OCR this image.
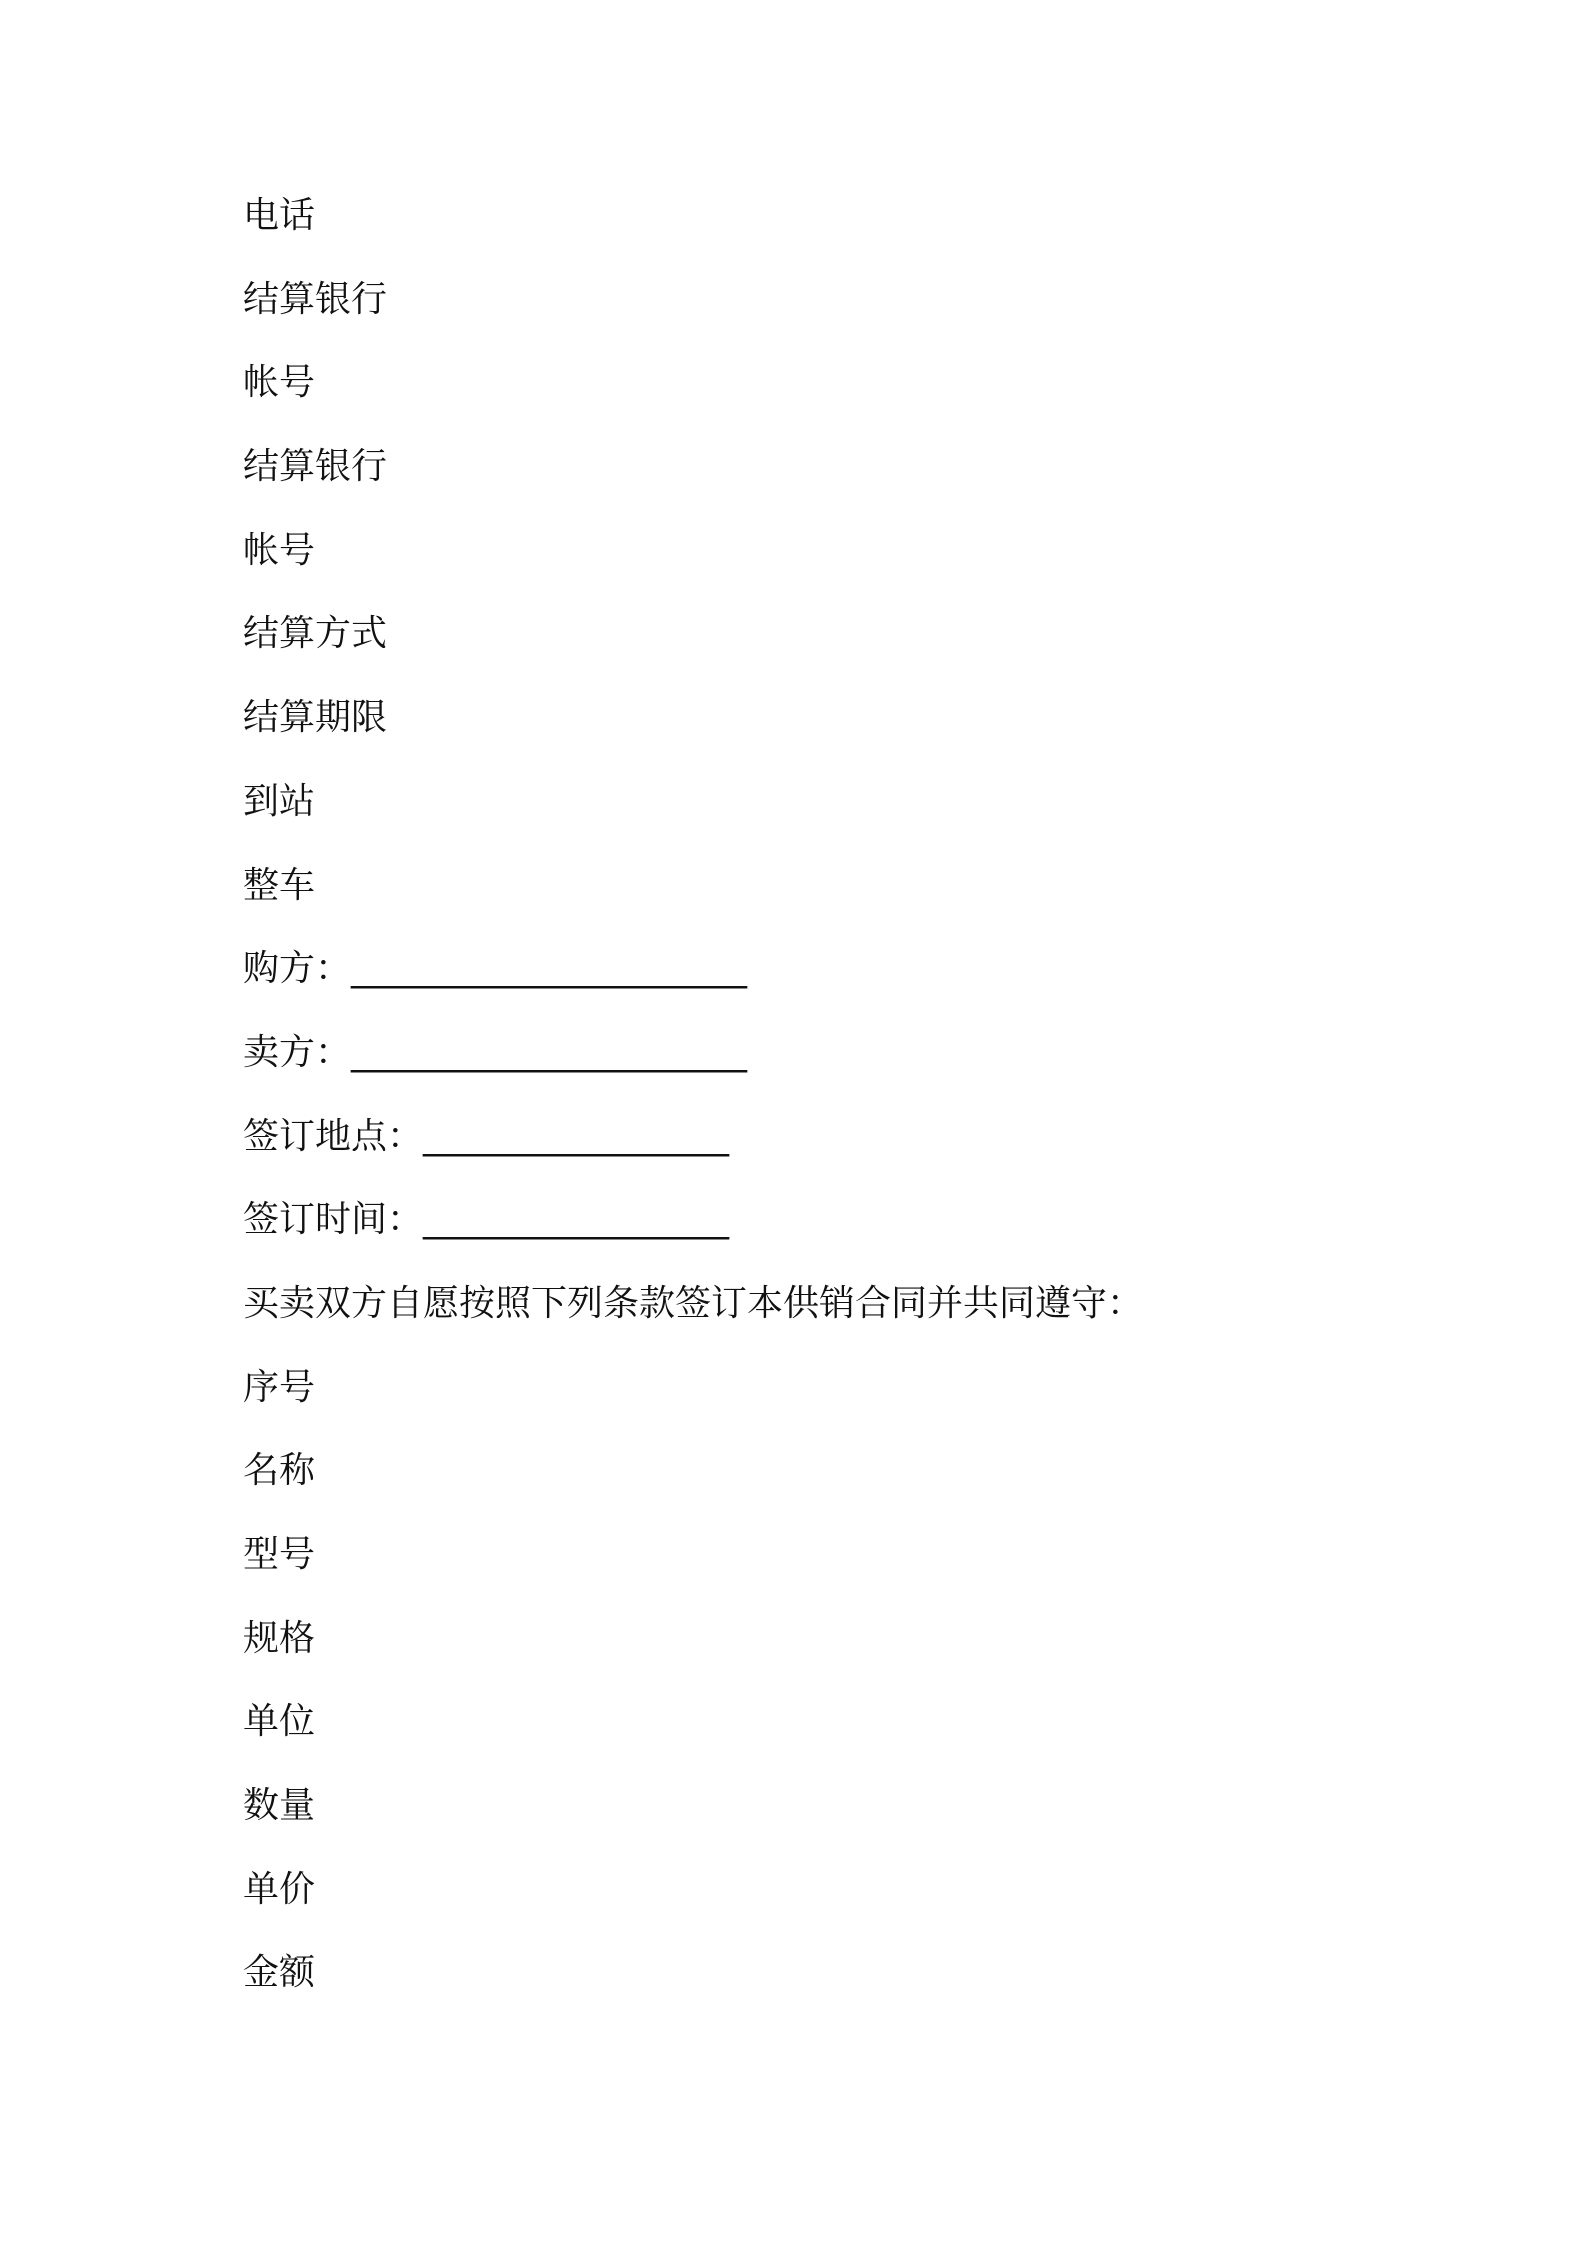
电话
结算银行
帐号
结算银行
帐号
结算方式
结算期限
到站
整车
购方：______________________
卖方：______________________
签订地点：_________________
签订时间：_________________
买卖双方自愿按照下列条款签订本供销合同并共同遵守：
序号
名称
型号
规格
单位
数量
单价
金额
